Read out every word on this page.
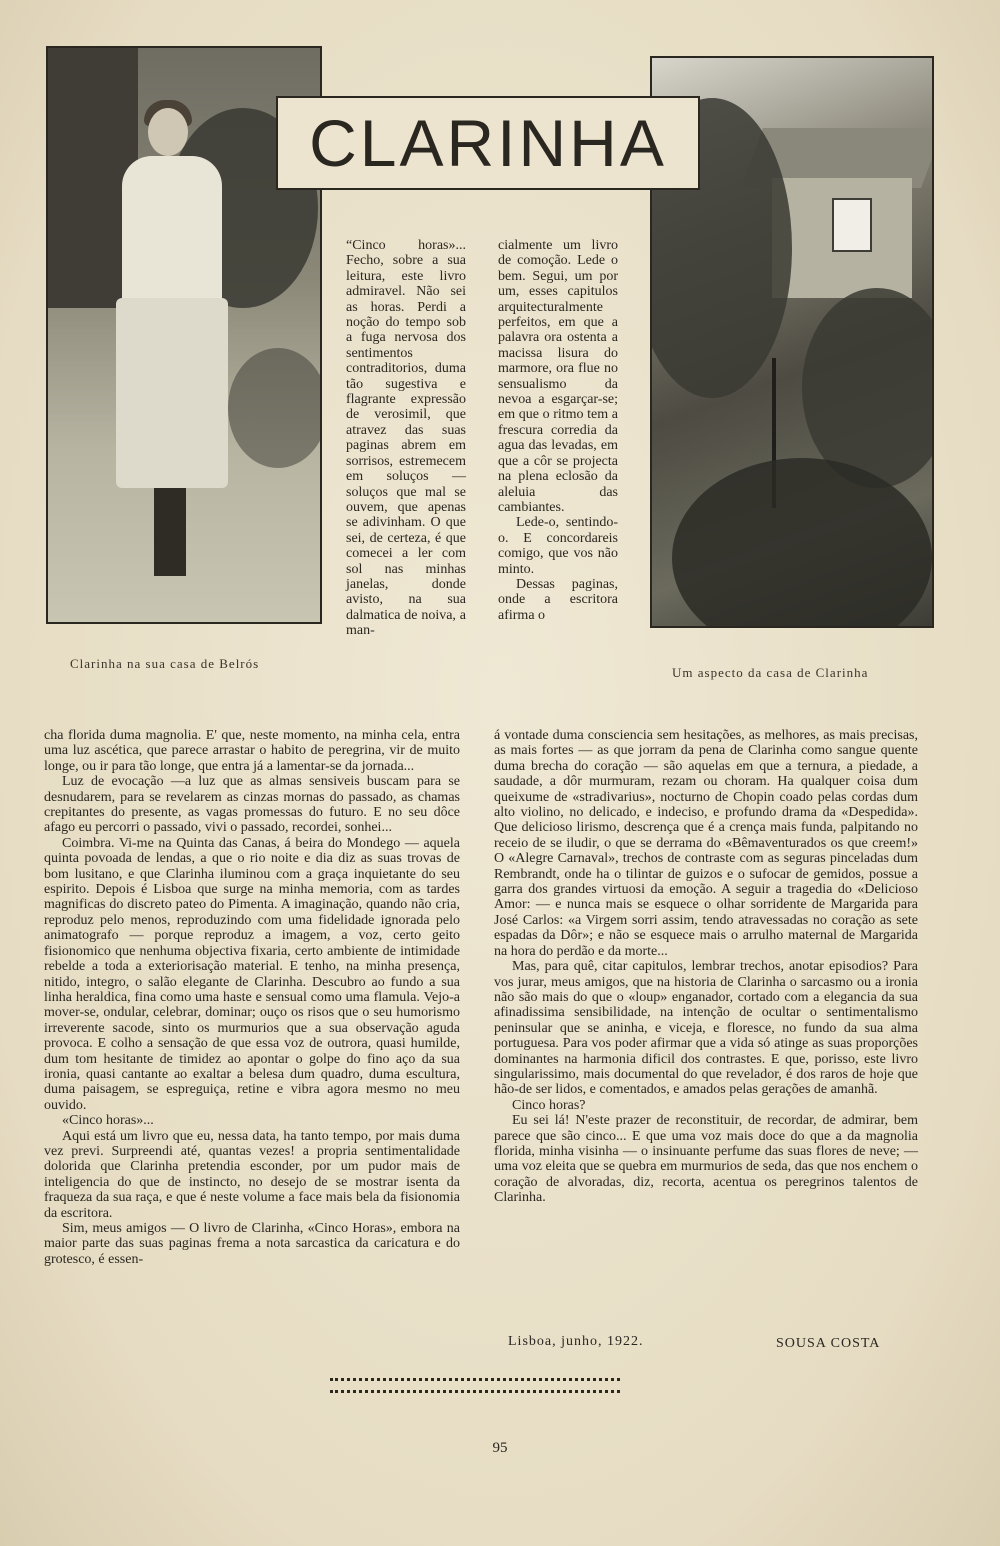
CLARINHA
Clarinha na sua casa de Belrós
Um aspecto da casa de Clarinha

“Cinco horas»... Fecho, sobre a sua leitura, este livro admiravel. Não sei as horas. Perdi a noção do tempo sob a fuga nervosa dos sentimentos contraditorios, duma tão sugestiva e flagrante expressão de verosimil, que atravez das suas paginas abrem em sorrisos, estremecem em soluços —soluços que mal se ouvem, que apenas se adivinham. O que sei, de certeza, é que comecei a ler com sol nas minhas janelas, donde avisto, na sua dalmatica de noiva, a man-

cialmente um livro de comoção. Lede o bem. Segui, um por um, esses capitulos arquitecturalmente perfeitos, em que a palavra ora ostenta a macissa lisura do marmore, ora flue no sensualismo da nevoa a esgarçar-se; em que o ritmo tem a frescura corredia da agua das levadas, em que a côr se projecta na plena eclosão da aleluia das cambiantes.

Lede-o, sentindo-o. E concordareis comigo, que vos não minto.

Dessas paginas, onde a escritora afirma o

cha florida duma magnolia. E' que, neste momento, na minha cela, entra uma luz ascética, que parece arrastar o habito de peregrina, vir de muito longe, ou ir para tão longe, que entra já a lamentar-se da jornada...

Luz de evocação —a luz que as almas sensiveis buscam para se desnudarem, para se revelarem as cinzas mornas do passado, as chamas crepitantes do presente, as vagas promessas do futuro. E no seu dôce afago eu percorri o passado, vivi o passado, recordei, sonhei...

Coimbra. Vi-me na Quinta das Canas, á beira do Mondego — aquela quinta povoada de lendas, a que o rio noite e dia diz as suas trovas de bom lusitano, e que Clarinha iluminou com a graça inquietante do seu espirito. Depois é Lisboa que surge na minha memoria, com as tardes magnificas do discreto pateo do Pimenta. A imaginação, quando não cria, reproduz pelo menos, reproduzindo com uma fidelidade ignorada pelo animatografo — porque reproduz a imagem, a voz, certo geito fisionomico que nenhuma objectiva fixaria, certo ambiente de intimidade rebelde a toda a exteriorisação material. E tenho, na minha presença, nitido, integro, o salão elegante de Clarinha. Descubro ao fundo a sua linha heraldica, fina como uma haste e sensual como uma flamula. Vejo-a mover-se, ondular, celebrar, dominar; ouço os risos que o seu humorismo irreverente sacode, sinto os murmurios que a sua observação aguda provoca. E colho a sensação de que essa voz de outrora, quasi humilde, dum tom hesitante de timidez ao apontar o golpe do fino aço da sua ironia, quasi cantante ao exaltar a belesa dum quadro, duma escultura, duma paisagem, se espreguiça, retine e vibra agora mesmo no meu ouvido.

«Cinco horas»...

Aqui está um livro que eu, nessa data, ha tanto tempo, por mais duma vez previ. Surpreendi até, quantas vezes! a propria sentimentalidade dolorida que Clarinha pretendia esconder, por um pudor mais de inteligencia do que de instincto, no desejo de se mostrar isenta da fraqueza da sua raça, e que é neste volume a face mais bela da fisionomia da escritora.

Sim, meus amigos — O livro de Clarinha, «Cinco Horas», embora na maior parte das suas paginas frema a nota sarcastica da caricatura e do grotesco, é essen-

á vontade duma consciencia sem hesitações, as melhores, as mais precisas, as mais fortes — as que jorram da pena de Clarinha como sangue quente duma brecha do coração — são aquelas em que a ternura, a piedade, a saudade, a dôr murmuram, rezam ou choram. Ha qualquer coisa dum queixume de «stradivarius», nocturno de Chopin coado pelas cordas dum alto violino, no delicado, e indeciso, e profundo drama da «Despedida». Que delicioso lirismo, descrença que é a crença mais funda, palpitando no receio de se iludir, o que se derrama do «Bêmaventurados os que creem!» O «Alegre Carnaval», trechos de contraste com as seguras pinceladas dum Rembrandt, onde ha o tilintar de guizos e o sufocar de gemidos, possue a garra dos grandes virtuosi da emoção. A seguir a tragedia do «Delicioso Amor: — e nunca mais se esquece o olhar sorridente de Margarida para José Carlos: «a Virgem sorri assim, tendo atravessadas no coração as sete espadas da Dôr»; e não se esquece mais o arrulho maternal de Margarida na hora do perdão e da morte...

Mas, para quê, citar capitulos, lembrar trechos, anotar episodios? Para vos jurar, meus amigos, que na historia de Clarinha o sarcasmo ou a ironia não são mais do que o «loup» enganador, cortado com a elegancia da sua afinadissima sensibilidade, na intenção de ocultar o sentimentalismo peninsular que se aninha, e viceja, e floresce, no fundo da sua alma portuguesa. Para vos poder afirmar que a vida só atinge as suas proporções dominantes na harmonia dificil dos contrastes. E que, porisso, este livro singularissimo, mais documental do que revelador, é dos raros de hoje que hão-de ser lidos, e comentados, e amados pelas gerações de amanhã.

Cinco horas?

Eu sei lá! N'este prazer de reconstituir, de recordar, de admirar, bem parece que são cinco... E que uma voz mais doce do que a da magnolia florida, minha visinha — o insinuante perfume das suas flores de neve; — uma voz eleita que se quebra em murmurios de seda, das que nos enchem o coração de alvoradas, diz, recorta, acentua os peregrinos talentos de Clarinha.

Lisboa, junho, 1922.	SOUSA COSTA
95
